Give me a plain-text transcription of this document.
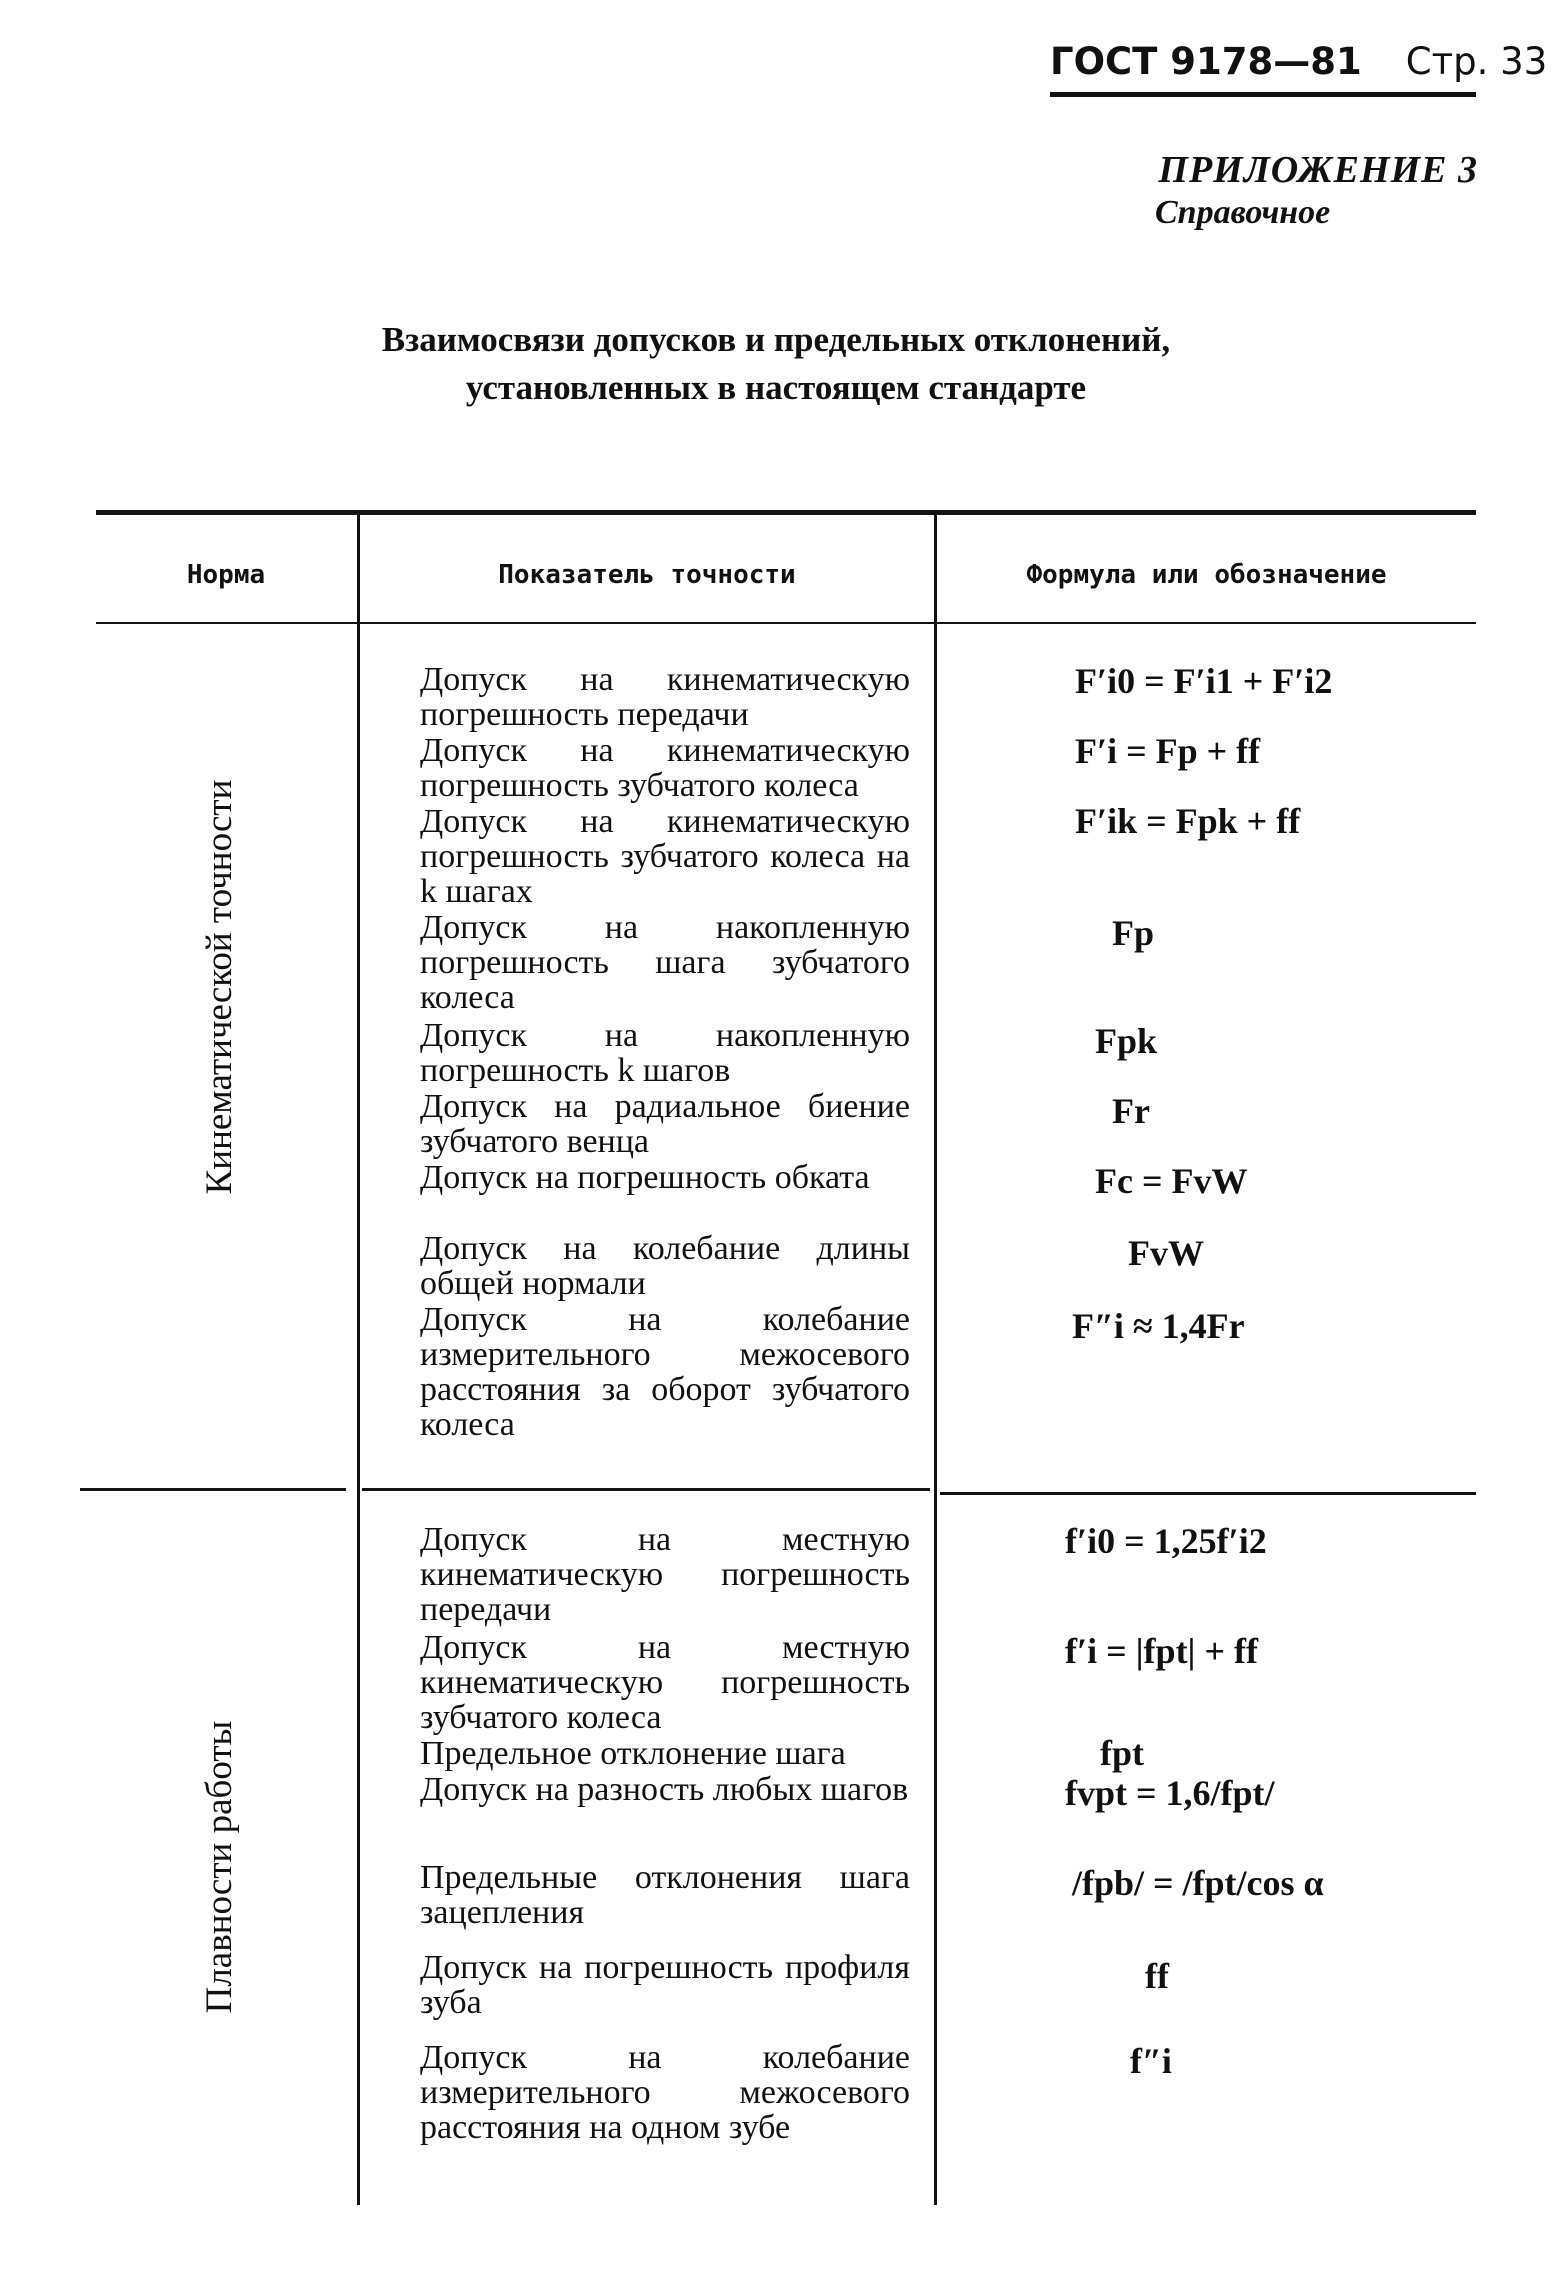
ГОСТ 9178—81 Стр. 33
ПРИЛОЖЕНИЕ 3
Справочное
Взаимосвязи допусков и предельных отклонений,
установленных в настоящем стандарте
Норма	Показатель точности	Формула или обозначение
Кинематической точности
Плавности работы
Допуск на кинематическую погрешность передачи
Допуск на кинематическую погрешность зубчатого колеса
Допуск на кинематическую погрешность зубчатого колеса на k шагах
Допуск на накопленную погрешность шага зубчатого колеса
Допуск на накопленную погрешность k шагов
Допуск на радиальное биение зубчатого венца
Допуск на погрешность обката
Допуск на колебание длины общей нормали
Допуск на колебание измерительного межосевого расстояния за оборот зубчатого колеса
F′i0 = F′i1 + F′i2
F′i = Fp + ff
F′ik = Fpk + ff
Fp
Fpk
Fr
Fc = FvW
FvW
F″i ≈ 1,4Fr
Допуск на местную кинематическую погрешность передачи
Допуск на местную кинематическую погрешность зубчатого колеса
Предельное отклонение шага
Допуск на разность любых шагов
Предельные отклонения шага зацепления
Допуск на погрешность профиля зуба
Допуск на колебание измерительного межосевого расстояния на одном зубе
f′i0 = 1,25f′i2
f′i = |fpt| + ff
fpt
fvpt = 1,6/fpt/
/fpb/ = /fpt/cos α
ff
f″i
